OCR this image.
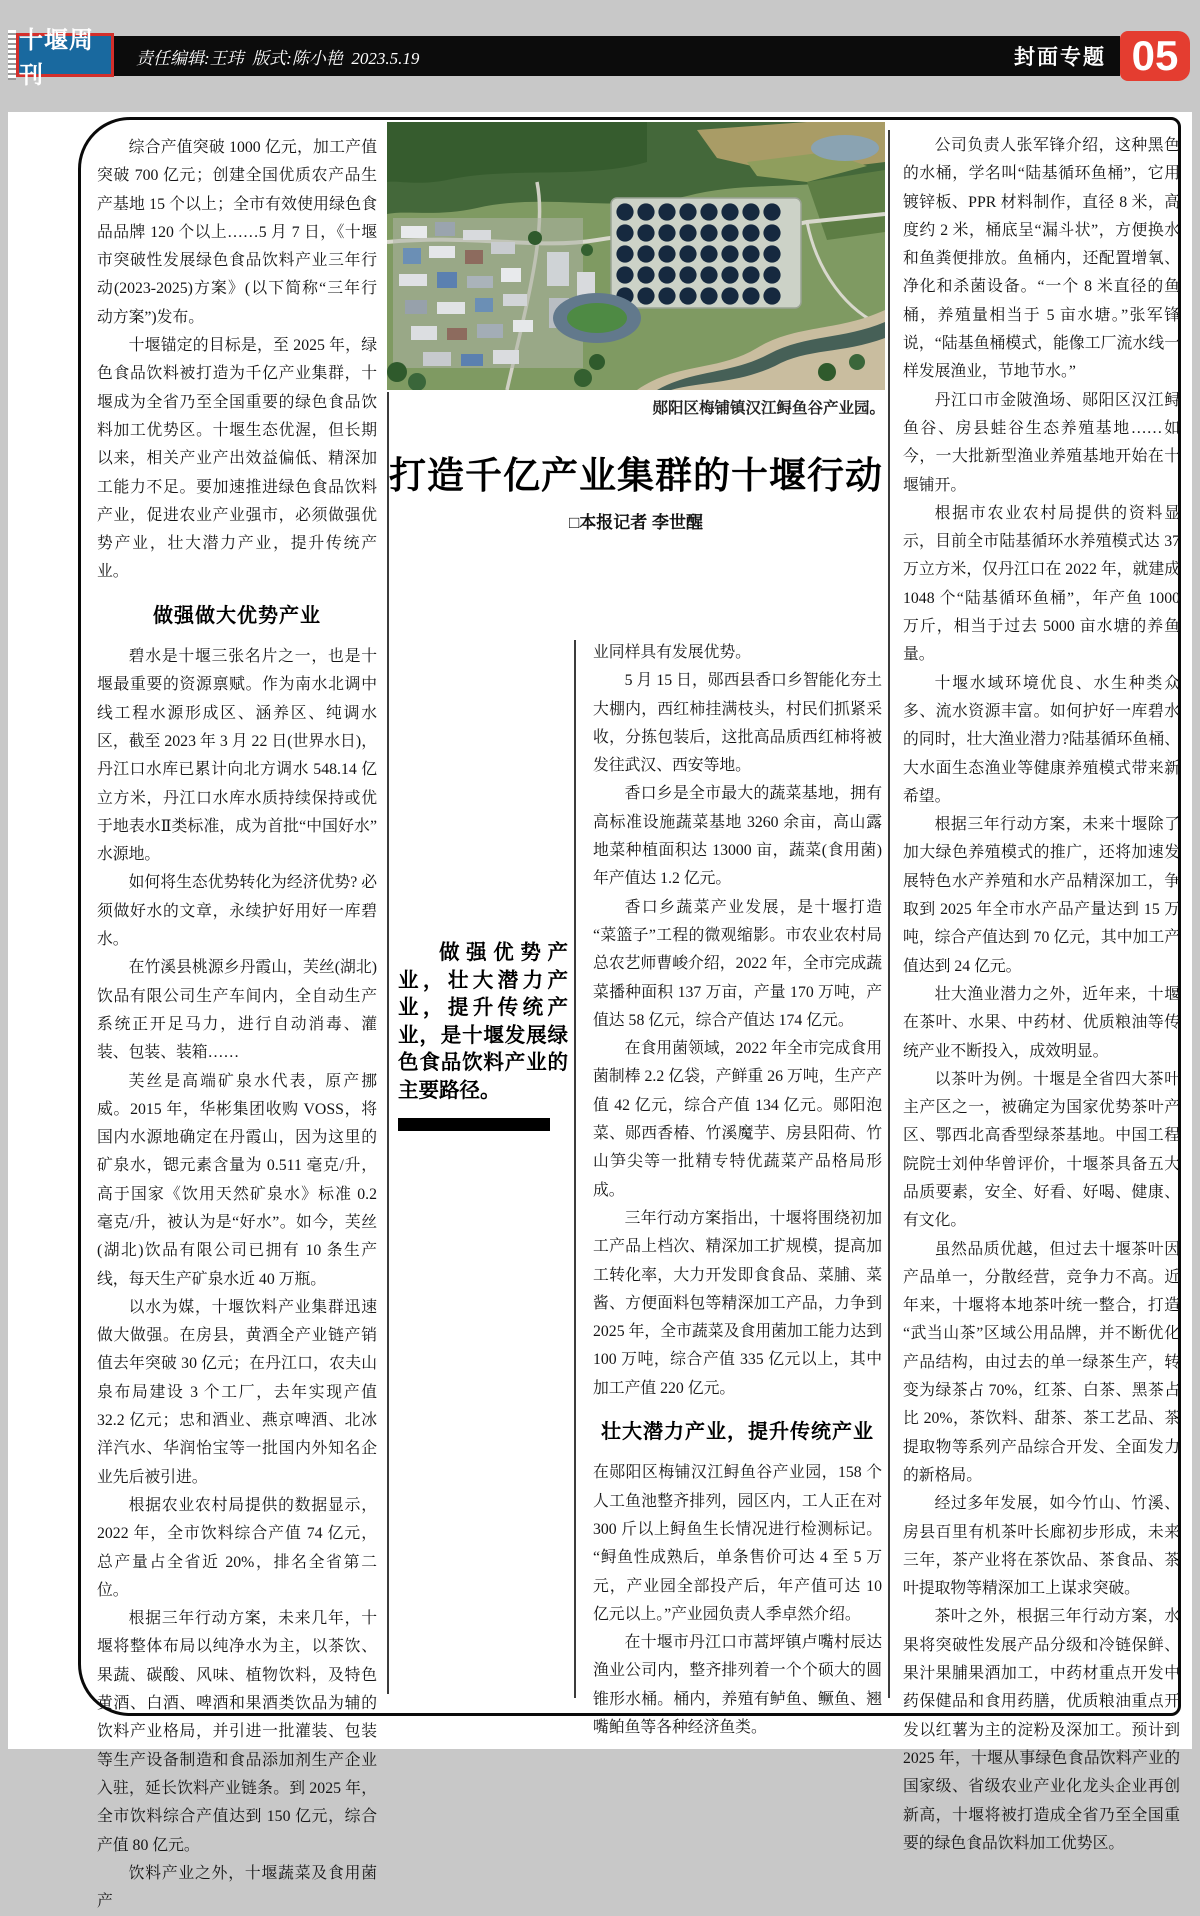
十堰周刊
责任编辑:王玮  版式:陈小艳  2023.5.19	封面专题 05
郧阳区梅铺镇汉江鲟鱼谷产业园。
打造千亿产业集群的十堰行动
□本报记者 李世醒

综合产值突破 1000 亿元，加工产值突破 700 亿元；创建全国优质农产品生产基地 15 个以上；全市有效使用绿色食品品牌 120 个以上……5 月 7 日，《十堰市突破性发展绿色食品饮料产业三年行动(2023-2025)方案》(以下简称“三年行动方案”)发布。

十堰锚定的目标是，至 2025 年，绿色食品饮料被打造为千亿产业集群，十堰成为全省乃至全国重要的绿色食品饮料加工优势区。十堰生态优渥，但长期以来，相关产业产出效益偏低、精深加工能力不足。要加速推进绿色食品饮料产业，促进农业产业强市，必须做强优势产业，壮大潜力产业，提升传统产业。

做强做大优势产业

碧水是十堰三张名片之一，也是十堰最重要的资源禀赋。作为南水北调中线工程水源形成区、涵养区、纯调水区，截至 2023 年 3 月 22 日(世界水日)，丹江口水库已累计向北方调水 548.14 亿立方米，丹江口水库水质持续保持或优于地表水Ⅱ类标准，成为首批“中国好水”水源地。

如何将生态优势转化为经济优势? 必须做好水的文章，永续护好用好一库碧水。

在竹溪县桃源乡丹霞山，芙丝(湖北)饮品有限公司生产车间内，全自动生产系统正开足马力，进行自动消毒、灌装、包装、装箱……

芙丝是高端矿泉水代表，原产挪威。2015 年，华彬集团收购 VOSS，将国内水源地确定在丹霞山，因为这里的矿泉水，锶元素含量为 0.511 毫克/升，高于国家《饮用天然矿泉水》标准 0.2 毫克/升，被认为是“好水”。如今，芙丝(湖北)饮品有限公司已拥有 10 条生产线，每天生产矿泉水近 40 万瓶。

以水为媒，十堰饮料产业集群迅速做大做强。在房县，黄酒全产业链产销值去年突破 30 亿元；在丹江口，农夫山泉布局建设 3 个工厂，去年实现产值 32.2 亿元；忠和酒业、燕京啤酒、北冰洋汽水、华润怡宝等一批国内外知名企业先后被引进。

根据农业农村局提供的数据显示，2022 年，全市饮料综合产值 74 亿元，总产量占全省近 20%，排名全省第二位。

根据三年行动方案，未来几年，十堰将整体布局以纯净水为主，以茶饮、果蔬、碳酸、风味、植物饮料，及特色黄酒、白酒、啤酒和果酒类饮品为辅的饮料产业格局，并引进一批灌装、包装等生产设备制造和食品添加剂生产企业入驻，延长饮料产业链条。到 2025 年，全市饮料综合产值达到 150 亿元，综合产值 80 亿元。

饮料产业之外，十堰蔬菜及食用菌产

做强优势产业，壮大潜力产业，提升传统产业，是十堰发展绿色食品饮料产业的主要路径。

业同样具有发展优势。

5 月 15 日，郧西县香口乡智能化夯土大棚内，西红柿挂满枝头，村民们抓紧采收，分拣包装后，这批高品质西红柿将被发往武汉、西安等地。

香口乡是全市最大的蔬菜基地，拥有高标准设施蔬菜基地 3260 余亩，高山露地菜种植面积达 13000 亩，蔬菜(食用菌)年产值达 1.2 亿元。

香口乡蔬菜产业发展，是十堰打造“菜篮子”工程的微观缩影。市农业农村局总农艺师曹峻介绍，2022 年，全市完成蔬菜播种面积 137 万亩，产量 170 万吨，产值达 58 亿元，综合产值达 174 亿元。

在食用菌领域，2022 年全市完成食用菌制棒 2.2 亿袋，产鲜重 26 万吨，生产产值 42 亿元，综合产值 134 亿元。郧阳泡菜、郧西香椿、竹溪魔芋、房县阳荷、竹山笋尖等一批精专特优蔬菜产品格局形成。

三年行动方案指出，十堰将围绕初加工产品上档次、精深加工扩规模，提高加工转化率，大力开发即食食品、菜脯、菜酱、方便面料包等精深加工产品，力争到 2025 年，全市蔬菜及食用菌加工能力达到 100 万吨，综合产值 335 亿元以上，其中加工产值 220 亿元。

壮大潜力产业，提升传统产业

在郧阳区梅铺汉江鲟鱼谷产业园，158 个人工鱼池整齐排列，园区内，工人正在对 300 斤以上鲟鱼生长情况进行检测标记。“鲟鱼性成熟后，单条售价可达 4 至 5 万元，产业园全部投产后，年产值可达 10 亿元以上。”产业园负责人季卓然介绍。

在十堰市丹江口市蒿坪镇卢嘴村辰达渔业公司内，整齐排列着一个个硕大的圆锥形水桶。桶内，养殖有鲈鱼、鳜鱼、翘嘴鲌鱼等各种经济鱼类。

公司负责人张军锋介绍，这种黑色的水桶，学名叫“陆基循环鱼桶”，它用镀锌板、PPR 材料制作，直径 8 米，高度约 2 米，桶底呈“漏斗状”，方便换水和鱼粪便排放。鱼桶内，还配置增氧、净化和杀菌设备。“一个 8 米直径的鱼桶，养殖量相当于 5 亩水塘。”张军锋说，“陆基鱼桶模式，能像工厂流水线一样发展渔业，节地节水。”

丹江口市金陂渔场、郧阳区汉江鲟鱼谷、房县蛙谷生态养殖基地……如今，一大批新型渔业养殖基地开始在十堰铺开。

根据市农业农村局提供的资料显示，目前全市陆基循环水养殖模式达 37 万立方米，仅丹江口在 2022 年，就建成 1048 个“陆基循环鱼桶”，年产鱼 1000 万斤，相当于过去 5000 亩水塘的养鱼量。

十堰水域环境优良、水生种类众多、流水资源丰富。如何护好一库碧水的同时，壮大渔业潜力?陆基循环鱼桶、大水面生态渔业等健康养殖模式带来新希望。

根据三年行动方案，未来十堰除了加大绿色养殖模式的推广，还将加速发展特色水产养殖和水产品精深加工，争取到 2025 年全市水产品产量达到 15 万吨，综合产值达到 70 亿元，其中加工产值达到 24 亿元。

壮大渔业潜力之外，近年来，十堰在茶叶、水果、中药材、优质粮油等传统产业不断投入，成效明显。

以茶叶为例。十堰是全省四大茶叶主产区之一，被确定为国家优势茶叶产区、鄂西北高香型绿茶基地。中国工程院院士刘仲华曾评价，十堰茶具备五大品质要素，安全、好看、好喝、健康、有文化。

虽然品质优越，但过去十堰茶叶因产品单一，分散经营，竞争力不高。近年来，十堰将本地茶叶统一整合，打造“武当山茶”区域公用品牌，并不断优化产品结构，由过去的单一绿茶生产，转变为绿茶占 70%，红茶、白茶、黑茶占比 20%，茶饮料、甜茶、茶工艺品、茶提取物等系列产品综合开发、全面发力的新格局。

经过多年发展，如今竹山、竹溪、房县百里有机茶叶长廊初步形成，未来三年，茶产业将在茶饮品、茶食品、茶叶提取物等精深加工上谋求突破。

茶叶之外，根据三年行动方案，水果将突破性发展产品分级和冷链保鲜、果汁果脯果酒加工，中药材重点开发中药保健品和食用药膳，优质粮油重点开发以红薯为主的淀粉及深加工。预计到 2025 年，十堰从事绿色食品饮料产业的国家级、省级农业产业化龙头企业再创新高，十堰将被打造成全省乃至全国重要的绿色食品饮料加工优势区。
